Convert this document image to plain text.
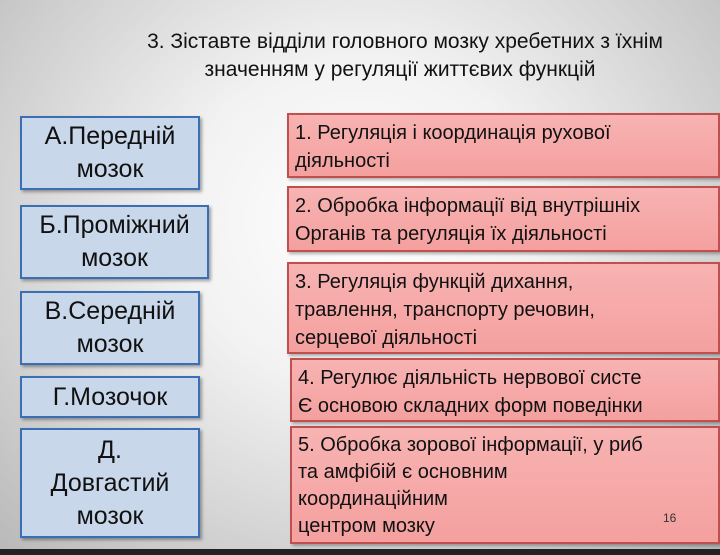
3. Зіставте відділи головного мозку хребетних з їхнім
значенням у регуляції життєвих функцій
А.Передній
мозок
Б.Проміжний
мозок
В.Середній
мозок
Г.Мозочок
Д.
Довгастий
мозок
1. Регуляція і координація рухової
діяльності
2. Обробка інформації від внутрішніх
Органів та регуляція їх діяльності
3. Регуляція функцій дихання,
травлення, транспорту речовин,
серцевої діяльності
4. Регулює діяльність нервової систе
Є основою складних форм поведінки
5. Обробка зорової інформації, у риб
та амфібій є основним
координаційним
центром мозку	16
